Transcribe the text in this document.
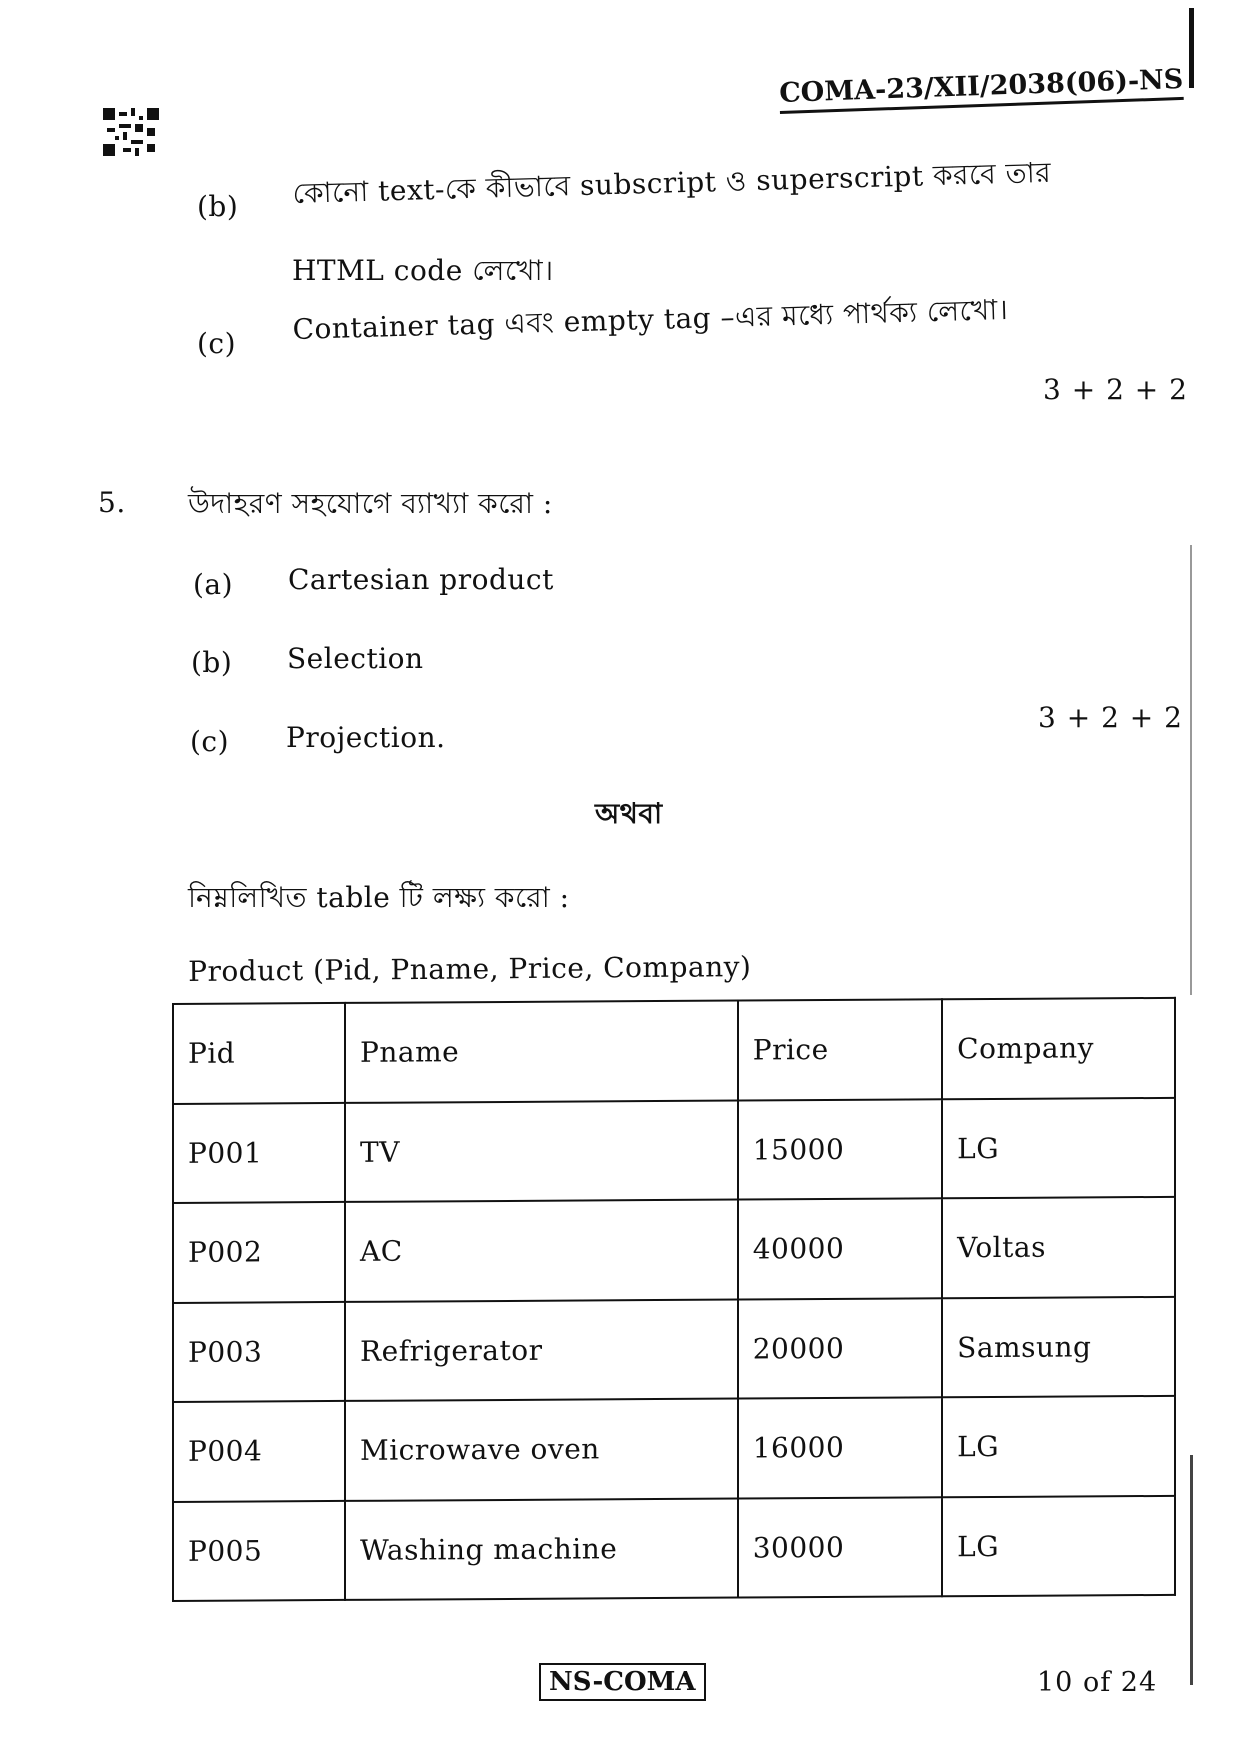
COMA-23/XII/2038(06)-NS
(b) কোনো text-কে কীভাবে subscript ও superscript করবে তার
HTML code লেখো।
(c) Container tag এবং empty tag –এর মধ্যে পার্থক্য লেখো।
3 + 2 + 2
5. উদাহরণ সহযোগে ব্যাখ্যা করো :
(a) Cartesian product
(b) Selection
(c) Projection.
3 + 2 + 2
অথবা
নিম্নলিখিত table টি লক্ষ্য করো :
Product (Pid, Pname, Price, Company)
Pid	Pname	Price	Company
P001	TV	15000	LG
P002	AC	40000	Voltas
P003	Refrigerator	20000	Samsung
P004	Microwave oven	16000	LG
P005	Washing machine	30000	LG
NS-COMA	10 of 24
